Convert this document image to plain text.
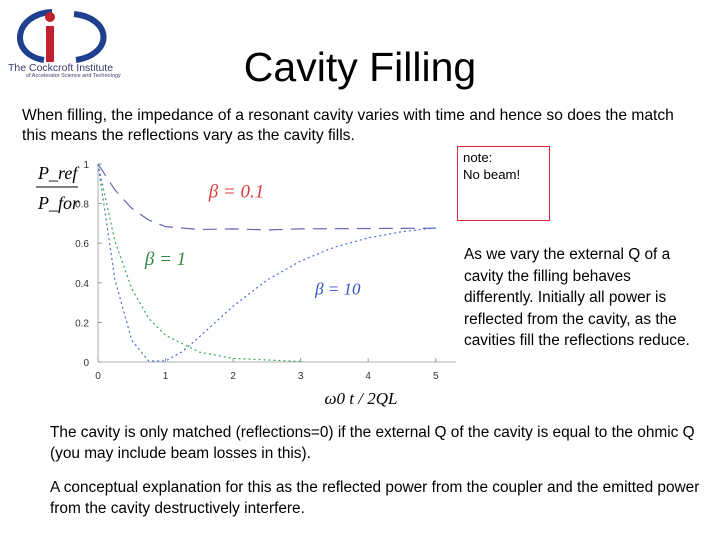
The Cockcroft Institute
of Accelerator Science and Technology	Cavity Filling
When filling, the impedance of a resonant cavity varies with time and hence so does the match this means the reflections vary as the cavity fills.
note:
No beam!
As we vary the external Q of a cavity the filling behaves differently. Initially all power is reflected from the cavity, as the cavities fill the reflections reduce.
The cavity is only matched (reflections=0) if the external Q of the cavity is equal to the ohmic Q (you may include beam losses in this).
A conceptual explanation for this as the reflected power from the coupler and the emitted power from the cavity destructively interfere.
0	1	2	3	4	5
0
0.2
0.4
0.6
0.8
1
P_ref
P_for
ω0 t / 2QL
β = 0.1
β = 1
β = 10
